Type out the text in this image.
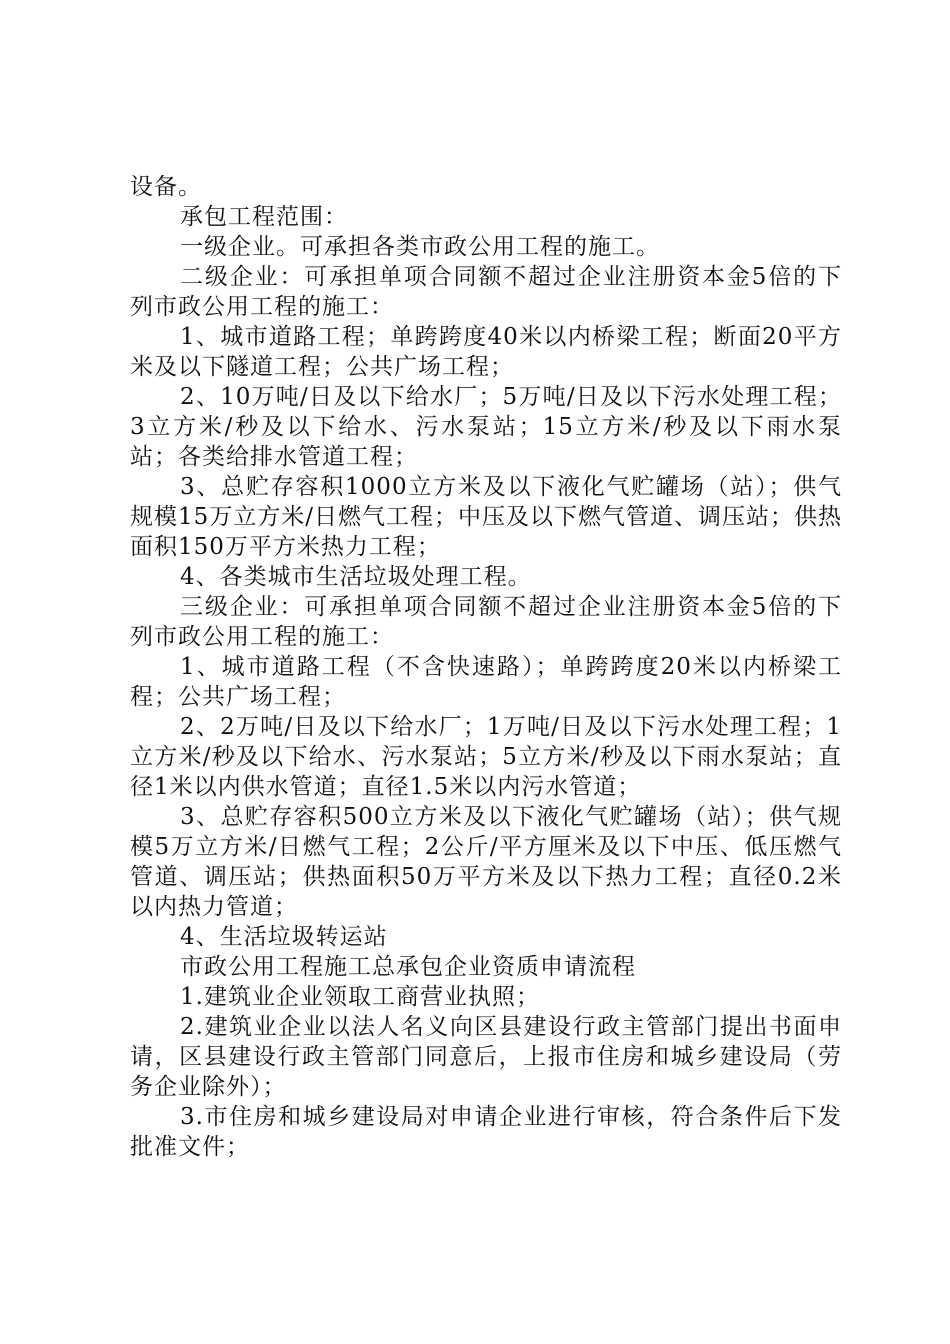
设备。

承包工程范围：

一级企业。可承担各类市政公用工程的施工。

二级企业：可承担单项合同额不超过企业注册资本金5倍的下列市政公用工程的施工：

1、城市道路工程；单跨跨度40米以内桥梁工程；断面20平方米及以下隧道工程；公共广场工程；

2、10万吨/日及以下给水厂；5万吨/日及以下污水处理工程；3立方米/秒及以下给水、污水泵站；15立方米/秒及以下雨水泵站；各类给排水管道工程；

3、总贮存容积1000立方米及以下液化气贮罐场（站）；供气规模15万立方米/日燃气工程；中压及以下燃气管道、调压站；供热面积150万平方米热力工程；

4、各类城市生活垃圾处理工程。

三级企业：可承担单项合同额不超过企业注册资本金5倍的下列市政公用工程的施工：

1、城市道路工程（不含快速路）；单跨跨度20米以内桥梁工程；公共广场工程；

2、2万吨/日及以下给水厂；1万吨/日及以下污水处理工程；1立方米/秒及以下给水、污水泵站；5立方米/秒及以下雨水泵站；直径1米以内供水管道；直径1.5米以内污水管道；

3、总贮存容积500立方米及以下液化气贮罐场（站）；供气规模5万立方米/日燃气工程；2公斤/平方厘米及以下中压、低压燃气管道、调压站；供热面积50万平方米及以下热力工程；直径0.2米以内热力管道；

4、生活垃圾转运站

市政公用工程施工总承包企业资质申请流程

1.建筑业企业领取工商营业执照；

2.建筑业企业以法人名义向区县建设行政主管部门提出书面申请，区县建设行政主管部门同意后，上报市住房和城乡建设局（劳务企业除外）；

3.市住房和城乡建设局对申请企业进行审核，符合条件后下发批准文件；
